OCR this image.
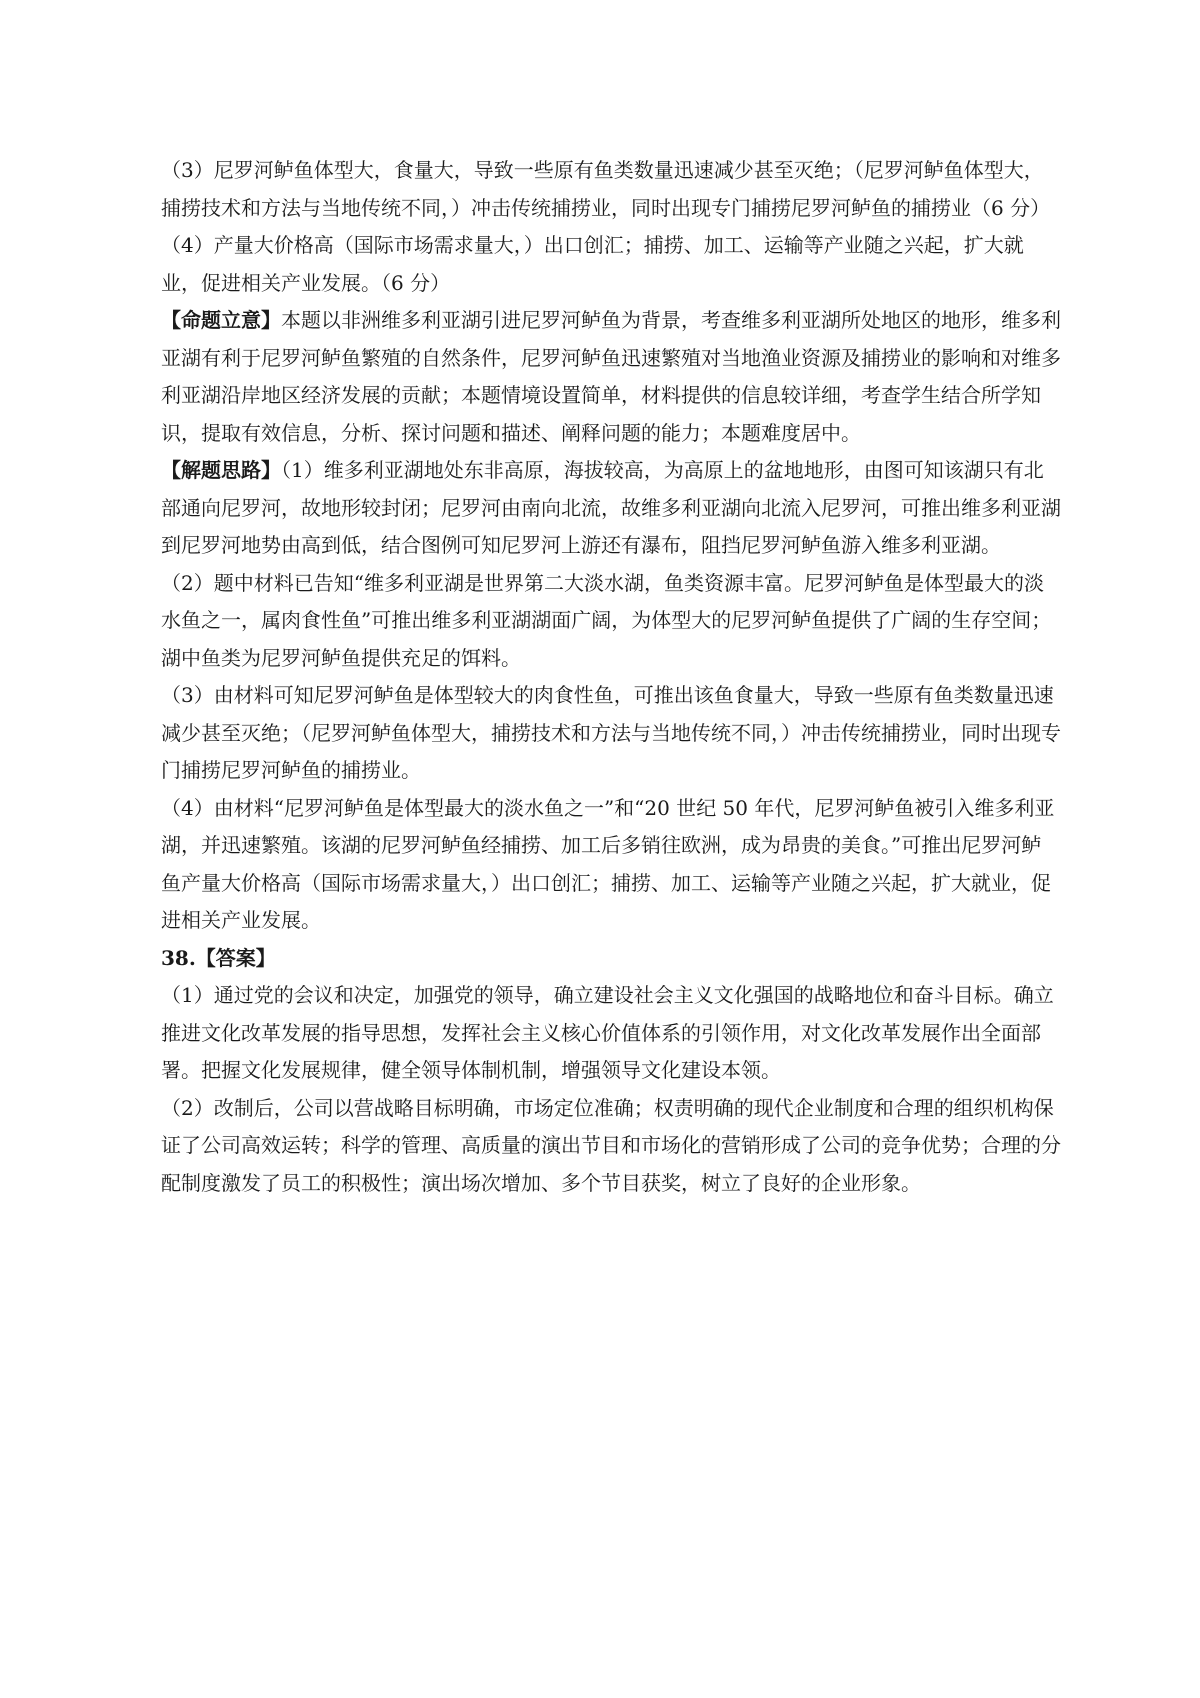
（3）尼罗河鲈鱼体型大，食量大，导致一些原有鱼类数量迅速减少甚至灭绝；（尼罗河鲈鱼体型大，捕捞技术和方法与当地传统不同，）冲击传统捕捞业，同时出现专门捕捞尼罗河鲈鱼的捕捞业（6 分）

（4）产量大价格高（国际市场需求量大，）出口创汇；捕捞、加工、运输等产业随之兴起，扩大就业，促进相关产业发展。（6 分）

【命题立意】本题以非洲维多利亚湖引进尼罗河鲈鱼为背景，考查维多利亚湖所处地区的地形，维多利亚湖有利于尼罗河鲈鱼繁殖的自然条件，尼罗河鲈鱼迅速繁殖对当地渔业资源及捕捞业的影响和对维多利亚湖沿岸地区经济发展的贡献；本题情境设置简单，材料提供的信息较详细，考查学生结合所学知识，提取有效信息，分析、探讨问题和描述、阐释问题的能力；本题难度居中。

【解题思路】（1）维多利亚湖地处东非高原，海拔较高，为高原上的盆地地形，由图可知该湖只有北部通向尼罗河，故地形较封闭；尼罗河由南向北流，故维多利亚湖向北流入尼罗河，可推出维多利亚湖到尼罗河地势由高到低，结合图例可知尼罗河上游还有瀑布，阻挡尼罗河鲈鱼游入维多利亚湖。

（2）题中材料已告知“维多利亚湖是世界第二大淡水湖，鱼类资源丰富。尼罗河鲈鱼是体型最大的淡水鱼之一，属肉食性鱼”可推出维多利亚湖湖面广阔，为体型大的尼罗河鲈鱼提供了广阔的生存空间；湖中鱼类为尼罗河鲈鱼提供充足的饵料。

（3）由材料可知尼罗河鲈鱼是体型较大的肉食性鱼，可推出该鱼食量大，导致一些原有鱼类数量迅速减少甚至灭绝；（尼罗河鲈鱼体型大，捕捞技术和方法与当地传统不同，）冲击传统捕捞业，同时出现专门捕捞尼罗河鲈鱼的捕捞业。

（4）由材料“尼罗河鲈鱼是体型最大的淡水鱼之一”和“20 世纪 50 年代，尼罗河鲈鱼被引入维多利亚湖，并迅速繁殖。该湖的尼罗河鲈鱼经捕捞、加工后多销往欧洲，成为昂贵的美食。”可推出尼罗河鲈鱼产量大价格高（国际市场需求量大，）出口创汇；捕捞、加工、运输等产业随之兴起，扩大就业，促进相关产业发展。

38.【答案】

（1）通过党的会议和决定，加强党的领导，确立建设社会主义文化强国的战略地位和奋斗目标。确立推进文化改革发展的指导思想，发挥社会主义核心价值体系的引领作用，对文化改革发展作出全面部署。把握文化发展规律，健全领导体制机制，增强领导文化建设本领。

（2）改制后，公司以营战略目标明确，市场定位准确；权责明确的现代企业制度和合理的组织机构保证了公司高效运转；科学的管理、高质量的演出节目和市场化的营销形成了公司的竞争优势；合理的分配制度激发了员工的积极性；演出场次增加、多个节目获奖，树立了良好的企业形象。
